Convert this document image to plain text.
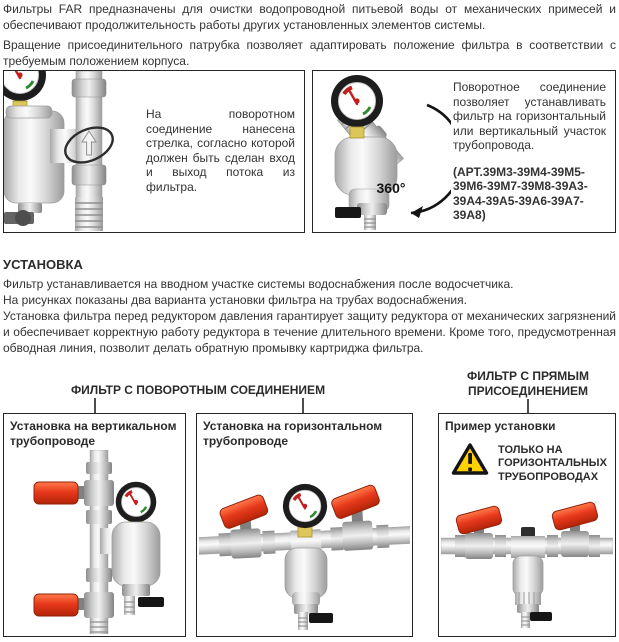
Фильтры FAR предназначены для очистки водопроводной питьевой воды от механических примесей и обеспечивают продолжительность работы других установленных элементов системы.

Вращение присоединительного патрубка позволяет адаптировать положение фильтра в соответствии с требуемым положением корпуса.

На поворотном соединение нанесена стрелка, согласно которой должен быть сделан вход и выход потока из фильтра.	360°
Поворотное соединение позволяет устанавливать фильтр на горизонтальный или вертикальный участок трубопровода.
(АРТ.39М3-39М4-39М5-39М6-39М7-39М8-39А3-39А4-39А5-39А6-39А7-39А8)
УСТАНОВКА

Фильтр устанавливается на вводном участке системы водоснабжения после водосчетчика.

На рисунках показаны два варианта установки фильтра на трубах водоснабжения.

Установка фильтра перед редуктором давления гарантирует защиту редуктора от механических загрязнений и обеспечивает корректную работу редуктора в течение длительного времени. Кроме того, предусмотренная обводная линия, позволит делать обратную промывку картриджа фильтра.

ФИЛЬТР С ПОВОРОТНЫМ СОЕДИНЕНИЕМ
ФИЛЬТР С ПРЯМЫМ ПРИСОЕДИНЕНИЕМ
Установка на вертикальном трубопроводе
Установка на горизонтальном трубопроводе
Пример установки
ТОЛЬКО НА ГОРИЗОНТАЛЬНЫХ ТРУБОПРОВОДАХ
